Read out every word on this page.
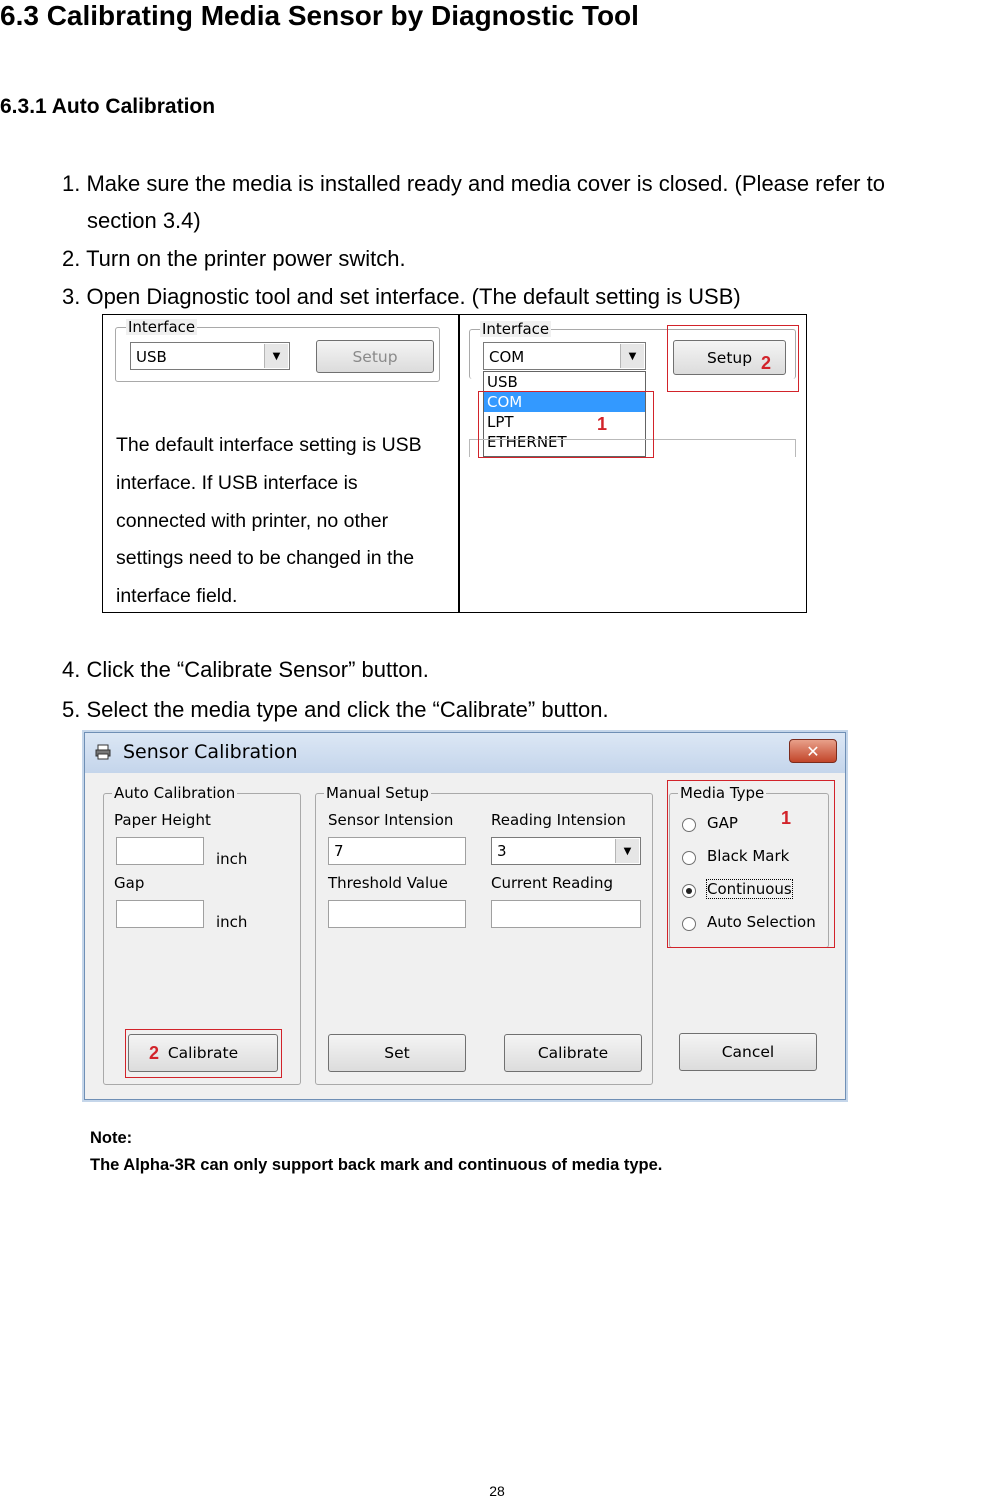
6.3 Calibrating Media Sensor by Diagnostic Tool
6.3.1 Auto Calibration
1. Make sure the media is installed ready and media cover is closed. (Please refer to
section 3.4)
2. Turn on the printer power switch.
3. Open Diagnostic tool and set interface. (The default setting is USB)
Interface
USB	▼	Setup
The default interface setting is USB interface. If USB interface is connected with printer, no other settings need to be changed in the interface field.
Interface
COM	▼	Setup
USB
COM
LPT
ETHERNET
1
2
4. Click the “Calibrate Sensor” button.
5. Select the media type and click the “Calibrate” button.
Sensor Calibration	✕
Auto Calibration
Paper Height
inch
Gap
inch
Calibrate
2
Manual Setup
Sensor Intension
7
Reading Intension
3	▼
Threshold Value	Current Reading
Set	Calibrate
Media Type
GAP
Black Mark
Continuous
Auto Selection
1
Cancel
Note:
The Alpha-3R can only support back mark and continuous of media type.
28
